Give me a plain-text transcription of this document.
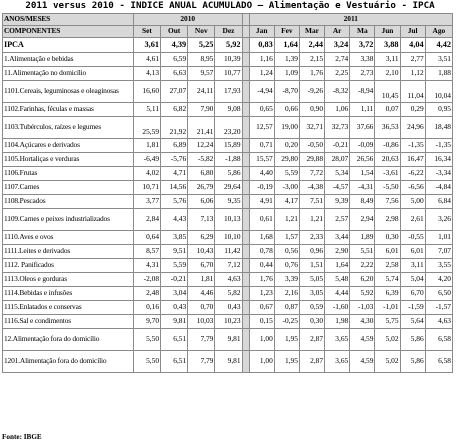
2011 versus 2010 - INDICE ANUAL ACUMULADO – Alimentação e Vestuário - IPCA
ANOS/MESES	2010					2011							
COMPONENTES	Set	Out	Nov	Dez		Jan	Fev	Mar	Ar	Ma	Jun	Jul	Ago
IPCA	3,61	4,39	5,25	5,92		0,83	1,64	2,44	3,24	3,72	3,88	4,04	4,42

1.Alimentação e bebidas	4,61	6,59	8,95	10,39		1,16	1,39	2,15	2,74	3,38	3,11	2,77	3,51

11.Alimentação no domicílio	4,13	6,63	9,57	10,77		1,24	1,09	1,76	2,25	2,73	2,10	1,12	1,88

1101.Cereais, leguminosas e oleaginosas	16,60	27,07	24,11	17,93		-4,94	-8,70	-9,26	-8,32	-8,94	10,45	11,04	10,04

1102.Farinhas, féculas e massas	5,11	6,82	7,90	9,08		0,65	0,66	0,90	1,06	1,11	0,07	0,29	0,95

1103.Tubérculos, raízes e legumes	25,59	21,92	21,41	23,20		12,57	19,00	32,71	32,73	37,66	36,53	24,96	18,48

1104.Açúcares e derivados	1,81	6,89	12,24	15,89		0,71	0,20	-0,50	-0,21	-0,09	-0,86	-1,35	-1,35

1105.Hortaliças e verduras	-6,49	-5,76	-5,82	-1,88		15,57	29,80	29,88	28,07	26,56	20,63	16,47	16,34

1106.Frutas	4,02	4,71	6,80	5,86		4,40	5,59	7,72	5,34	1,54	-3,61	-6,22	-3,34

1107.Carnes	10,71	14,56	26,79	29,64		-0,19	-3,00	-4,38	-4,57	-4,31	-5,50	-6,56	-4,84

1108.Pescados	3,77	5,76	6,06	9,35		4,91	4,17	7,51	9,39	8,49	7,56	5,00	6,84

1109.Carnes e peixes industrializados	2,84	4,43	7,13	10,13		0,61	1,21	1,21	2,57	2,94	2,98	2,61	3,26

1110.Aves e ovos	0,64	3,85	6,29	10,10		1,68	1,57	2,33	3,44	1,89	0,30	-0,55	1,01

1111.Leites e derivados	8,57	9,51	10,43	11,42		0,78	0,56	0,96	2,90	5,51	6,01	6,01	7,07

1112. Panificados	4,31	5,59	6,70	7,12		0,44	0,76	1,51	1,64	2,22	2,58	3,11	3,55

1113.Oleos e gorduras	-2,08	-0,21	1,81	4,63		1,76	3,39	5,05	5,48	6,20	5,74	5,04	4,20

1114.Bebidas e infusões	2,48	3,04	4,46	5,82		1,23	2,16	3,05	4,44	5,92	6,39	6,70	6,50

1115.Enlatados e conservas	0,16	0,43	0,70	0,43		0,67	0,87	0,59	-1,60	-1,03	-1,01	-1,59	-1,57

1116.Sal e condimentos	9,70	9,81	10,03	10,23		0,15	-0,25	0,30	1,98	4,30	5,75	5,64	4,63

12.Alimentação fora do domicílio	5,50	6,51	7,79	9,81		1,00	1,95	2,87	3,65	4,59	5,02	5,86	6,58

1201.Alimentação fora do domicílio	5,50	6,51	7,79	9,81		1,00	1,95	2,87	3,65	4,59	5,02	5,86	6,58
Fonte: IBGE
